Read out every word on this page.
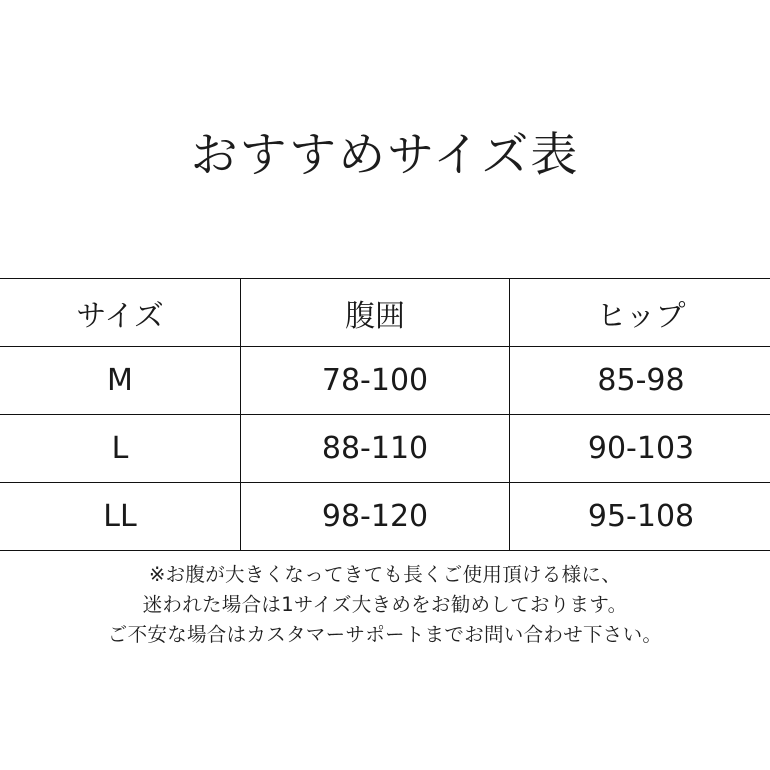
おすすめサイズ表
サイズ	腹囲	ヒップ
M	78-100	85-98
L	88-110	90-103
LL	98-120	95-108
※お腹が大きくなってきても長くご使用頂ける様に、
迷われた場合は1サイズ大きめをお勧めしております。
ご不安な場合はカスタマーサポートまでお問い合わせ下さい。
